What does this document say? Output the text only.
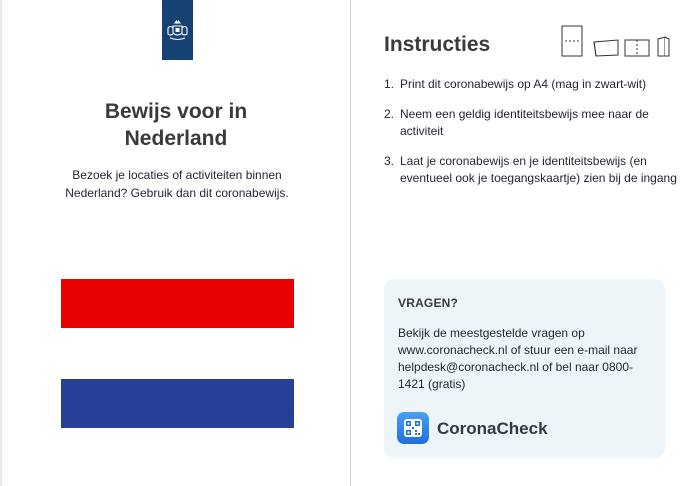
Bewijs voor in Nederland

Bezoek je locaties of activiteiten binnen Nederland? Gebruik dan dit coronabewijs.

Instructies
1. Print dit coronabewijs op A4 (mag in zwart-wit)
2. Neem een geldig identiteitsbewijs mee naar de activiteit
3. Laat je coronabewijs en je identiteitsbewijs (en eventueel ook je toegangskaartje) zien bij de ingang
VRAGEN?

Bekijk de meestgestelde vragen op www.coronacheck.nl of stuur een e-mail naar helpdesk@coronacheck.nl of bel naar 0800-1421 (gratis)

CoronaCheck
